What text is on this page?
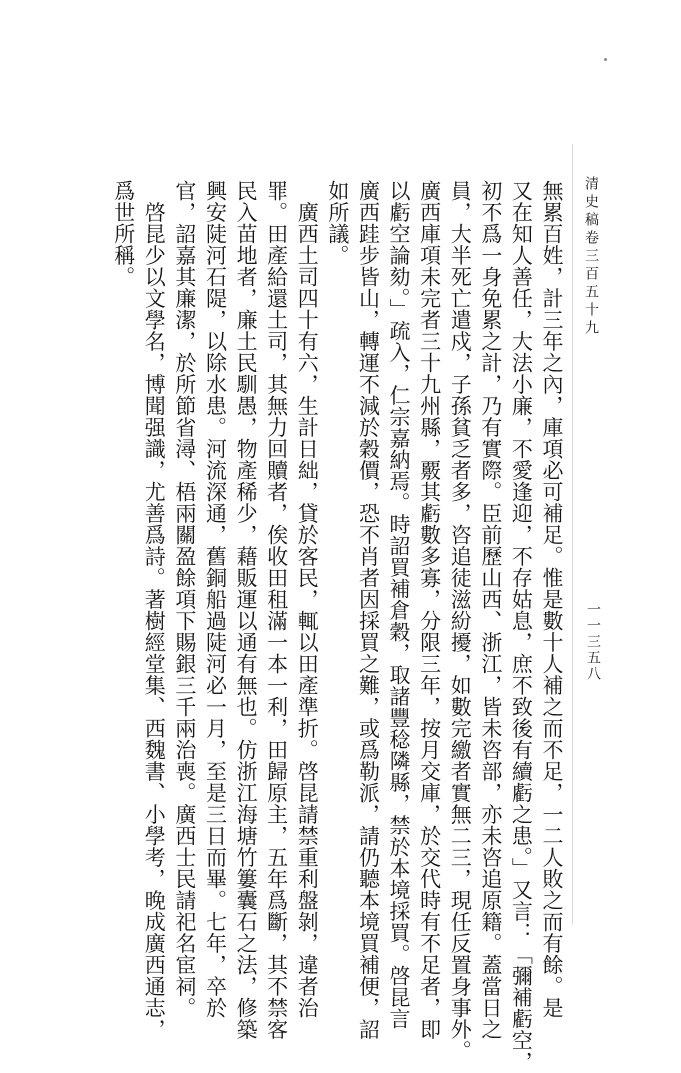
清史稿卷三百五十九
一一三五八

無累百姓，計三年之內，庫項必可補足。惟是數十人補之而不足，一二人敗之而有餘。是

又在知人善任，大法小廉，不愛逢迎，不存姑息，庶不致後有續虧之患。」又言：「彌補虧空，

初不爲一身免累之計，乃有實際。臣前歷山西、浙江，皆未咨部，亦未咨追原籍。蓋當日之

員，大半死亡遣戍，子孫貧乏者多，咨追徒滋紛擾，如數完繳者實無二三，現任反置身事外。

廣西庫項未完者三十九州縣，覈其虧數多寡，分限三年，按月交庫，於交代時有不足者，即

以虧空論劾。」疏入，仁宗嘉納焉。時詔買補倉穀，取諸豐稔隣縣，禁於本境採買。啓昆言

廣西跬步皆山，轉運不減於穀價，恐不肖者因採買之難，或爲勒派，請仍聽本境買補便，詔

如所議。

　廣西土司四十有六，生計日絀，貸於客民，輒以田產準折。啓昆請禁重利盤剝，違者治

罪。田產給還土司，其無力回贖者，俟收田租滿一本一利，田歸原主，五年爲斷，其不禁客

民入苗地者，廉土民馴愚，物產稀少，藉販運以通有無也。仿浙江海塘竹簍囊石之法，修築

興安陡河石隄，以除水患。河流深通，舊銅船過陡河必一月，至是三日而畢。七年，卒於

官，詔嘉其廉潔，於所節省潯、梧兩關盈餘項下賜銀三千兩治喪。廣西士民請祀名宦祠。

　啓昆少以文學名，博聞强識，尤善爲詩。著樹經堂集、西魏書、小學考，晚成廣西通志，

爲世所稱。
